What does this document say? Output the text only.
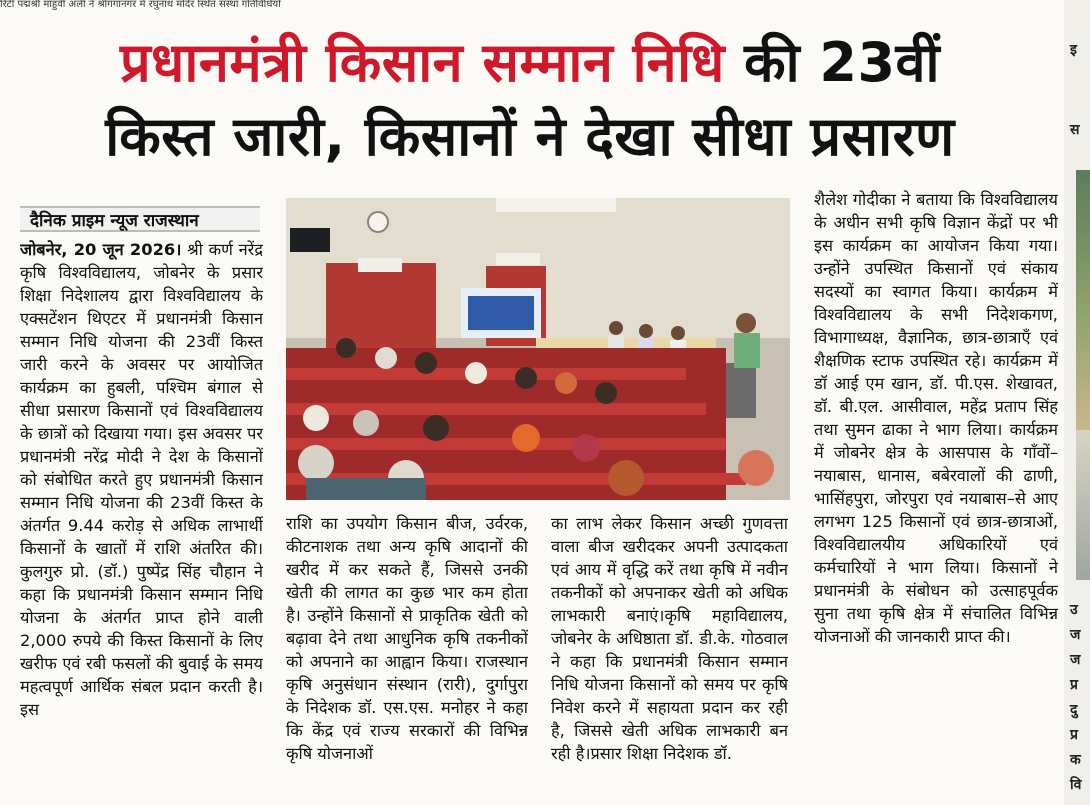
रिटी पद्मश्री माहुवी अली ने श्रीगंगानगर में रघुनाथ मंदिर स्थित संस्था गतिविधियों
प्रधानमंत्री किसान सम्मान निधि की 23वीं
किस्त जारी, किसानों ने देखा सीधा प्रसारण
दैनिक प्राइम न्यूज राजस्थान
जोबनेर, 20 जून 2026। श्री कर्ण नरेंद्र कृषि विश्वविद्यालय, जोबनेर के प्रसार शिक्षा निदेशालय द्वारा विश्वविद्यालय के एक्सटेंशन थिएटर में प्रधानमंत्री किसान सम्मान निधि योजना की 23वीं किस्त जारी करने के अवसर पर आयोजित कार्यक्रम का हुबली, पश्चिम बंगाल से सीधा प्रसारण किसानों एवं विश्वविद्यालय के छात्रों को दिखाया गया। इस अवसर पर प्रधानमंत्री नरेंद्र मोदी ने देश के किसानों को संबोधित करते हुए प्रधानमंत्री किसान सम्मान निधि योजना की 23वीं किस्त के अंतर्गत 9.44 करोड़ से अधिक लाभार्थी किसानों के खातों में राशि अंतरित की।कुलगुरु प्रो. (डॉ.) पुष्पेंद्र सिंह चौहान ने कहा कि प्रधानमंत्री किसान सम्मान निधि योजना के अंतर्गत प्राप्त होने वाली 2,000 रुपये की किस्त किसानों के लिए खरीफ एवं रबी फसलों की बुवाई के समय महत्वपूर्ण आर्थिक संबल प्रदान करती है। इस
राशि का उपयोग किसान बीज, उर्वरक, कीटनाशक तथा अन्य कृषि आदानों की खरीद में कर सकते हैं, जिससे उनकी खेती की लागत का कुछ भार कम होता है। उन्होंने किसानों से प्राकृतिक खेती को बढ़ावा देने तथा आधुनिक कृषि तकनीकों को अपनाने का आह्वान किया। राजस्थान कृषि अनुसंधान संस्थान (रारी), दुर्गापुरा के निदेशक डॉ. एस.एस. मनोहर ने कहा कि केंद्र एवं राज्य सरकारों की विभिन्न कृषि योजनाओं
का लाभ लेकर किसान अच्छी गुणवत्ता वाला बीज खरीदकर अपनी उत्पादकता एवं आय में वृद्धि करें तथा कृषि में नवीन तकनीकों को अपनाकर खेती को अधिक लाभकारी बनाएं।कृषि महाविद्यालय, जोबनेर के अधिष्ठाता डॉ. डी.के. गोठवाल ने कहा कि प्रधानमंत्री किसान सम्मान निधि योजना किसानों को समय पर कृषि निवेश करने में सहायता प्रदान कर रही है, जिससे खेती अधिक लाभकारी बन रही है।प्रसार शिक्षा निदेशक डॉ.
शैलेश गोदीका ने बताया कि विश्वविद्यालय के अधीन सभी कृषि विज्ञान केंद्रों पर भी इस कार्यक्रम का आयोजन किया गया। उन्होंने उपस्थित किसानों एवं संकाय सदस्यों का स्वागत किया। कार्यक्रम में विश्वविद्यालय के सभी निदेशकगण, विभागाध्यक्ष, वैज्ञानिक, छात्र-छात्राएँ एवं शैक्षणिक स्टाफ उपस्थित रहे। कार्यक्रम में डॉ आई एम खान, डॉ. पी.एस. शेखावत, डॉ. बी.एल. आसीवाल, महेंद्र प्रताप सिंह तथा सुमन ढाका ने भाग लिया। कार्यक्रम में जोबनेर क्षेत्र के आसपास के गाँवों– नयाबास, धानास, बबेरवालों की ढाणी, भासिंहपुरा, जोरपुरा एवं नयाबास–से आए लगभग 125 किसानों एवं छात्र-छात्राओं, विश्वविद्यालयीय अधिकारियों एवं कर्मचारियों ने भाग लिया। किसानों ने प्रधानमंत्री के संबोधन को उत्साहपूर्वक सुना तथा कृषि क्षेत्र में संचालित विभिन्न योजनाओं की जानकारी प्राप्त की।
इ
स
उ
ज
ज
प्र
दु
प्र
क
वि
